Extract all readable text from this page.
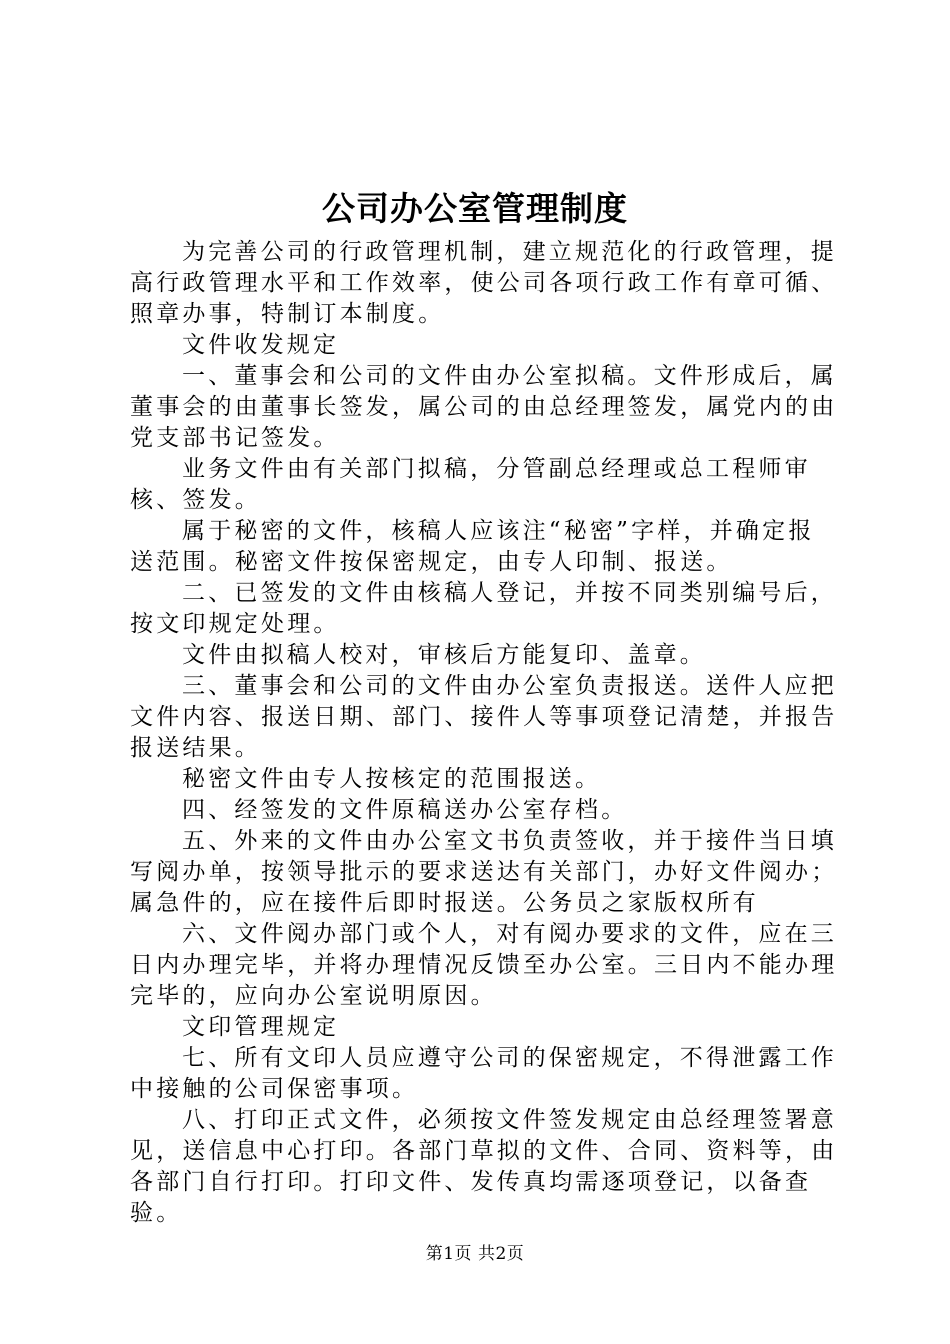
公司办公室管理制度

为完善公司的行政管理机制，建立规范化的行政管理，提高行政管理水平和工作效率，使公司各项行政工作有章可循、照章办事，特制订本制度。

文件收发规定

一、董事会和公司的文件由办公室拟稿。文件形成后，属董事会的由董事长签发，属公司的由总经理签发，属党内的由党支部书记签发。

业务文件由有关部门拟稿，分管副总经理或总工程师审核、签发。

属于秘密的文件，核稿人应该注“秘密”字样，并确定报送范围。秘密文件按保密规定，由专人印制、报送。

二、已签发的文件由核稿人登记，并按不同类别编号后，按文印规定处理。

文件由拟稿人校对，审核后方能复印、盖章。

三、董事会和公司的文件由办公室负责报送。送件人应把文件内容、报送日期、部门、接件人等事项登记清楚，并报告报送结果。

秘密文件由专人按核定的范围报送。

四、经签发的文件原稿送办公室存档。

五、外来的文件由办公室文书负责签收，并于接件当日填写阅办单，按领导批示的要求送达有关部门，办好文件阅办；属急件的，应在接件后即时报送。公务员之家版权所有

六、文件阅办部门或个人，对有阅办要求的文件，应在三日内办理完毕，并将办理情况反馈至办公室。三日内不能办理完毕的，应向办公室说明原因。

文印管理规定

七、所有文印人员应遵守公司的保密规定，不得泄露工作中接触的公司保密事项。

八、打印正式文件，必须按文件签发规定由总经理签署意见，送信息中心打印。各部门草拟的文件、合同、资料等，由各部门自行打印。打印文件、发传真均需逐项登记，以备查验。

第1页 共2页
